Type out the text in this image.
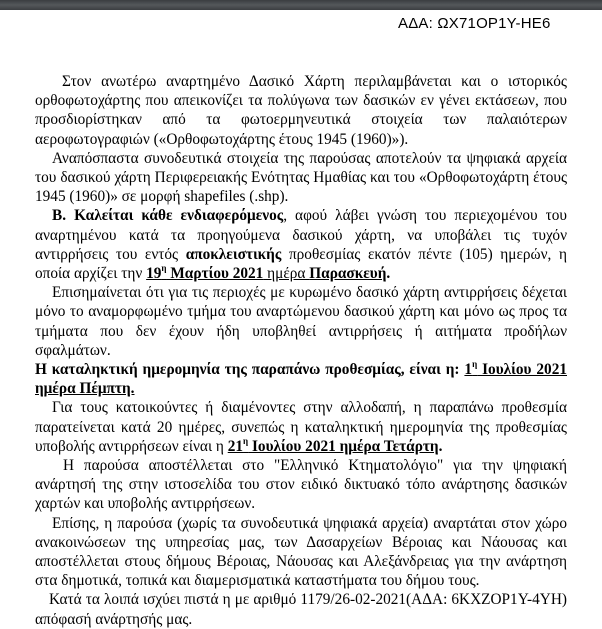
ΑΔΑ: ΩΧ71ΟΡ1Υ-ΗΕ6

Στον ανωτέρω αναρτημένο Δασικό Χάρτη περιλαμβάνεται και ο ιστορικός ορθοφωτοχάρτης που απεικονίζει τα πολύγωνα των δασικών εν γένει εκτάσεων, που προσδιορίστηκαν από τα φωτοερμηνευτικά στοιχεία των παλαιότερων αεροφωτογραφιών («Ορθοφωτοχάρτης έτους 1945 (1960)»).

Αναπόσπαστα συνοδευτικά στοιχεία της παρούσας αποτελούν τα ψηφιακά αρχεία του δασικού χάρτη Περιφερειακής Ενότητας Ημαθίας και του «Ορθοφωτοχάρτη έτους 1945 (1960)» σε μορφή shapefiles (.shp).

Β. Καλείται κάθε ενδιαφερόμενος, αφού λάβει γνώση του περιεχομένου του αναρτημένου κατά τα προηγούμενα δασικού χάρτη, να υποβάλει τις τυχόν αντιρρήσεις του εντός αποκλειστικής προθεσμίας εκατόν πέντε (105) ημερών, η οποία αρχίζει την $19^\eta$ Μαρτίου 2021 ημέρα Παρασκευή.

Επισημαίνεται ότι για τις περιοχές με κυρωμένο δασικό χάρτη αντιρρήσεις δέχεται μόνο το αναμορφωμένο τμήμα του αναρτώμενου δασικού χάρτη και μόνο ως προς τα τμήματα που δεν έχουν ήδη υποβληθεί αντιρρήσεις ή αιτήματα προδήλων σφαλμάτων.

Η καταληκτική ημερομηνία της παραπάνω προθεσμίας, είναι η: $1^\eta$ Ιουλίου 2021 ημέρα Πέμπτη.

Για τους κατοικούντες ή διαμένοντες στην αλλοδαπή, η παραπάνω προθεσμία παρατείνεται κατά 20 ημέρες, συνεπώς η καταληκτική ημερομηνία της προθεσμίας υποβολής αντιρρήσεων είναι η $21^\eta$ Ιουλίου 2021 ημέρα Τετάρτη.

Η παρούσα αποστέλλεται στο "Ελληνικό Κτηματολόγιο" για την ψηφιακή ανάρτησή της στην ιστοσελίδα του στον ειδικό δικτυακό τόπο ανάρτησης δασικών χαρτών και υποβολής αντιρρήσεων.

Επίσης, η παρούσα (χωρίς τα συνοδευτικά ψηφιακά αρχεία) αναρτάται στον χώρο ανακοινώσεων της υπηρεσίας μας, των Δασαρχείων Βέροιας και Νάουσας και αποστέλλεται στους δήμους Βέροιας, Νάουσας και Αλεξάνδρειας για την ανάρτηση στα δημοτικά, τοπικά και διαμερισματικά καταστήματα του δήμου τους.

Κατά τα λοιπά ισχύει πιστά η με αριθμό 1179/26-02-2021(ΑΔΑ: 6ΚΧΖΟΡ1Υ-4ΥΗ) απόφασή ανάρτησής μας.
